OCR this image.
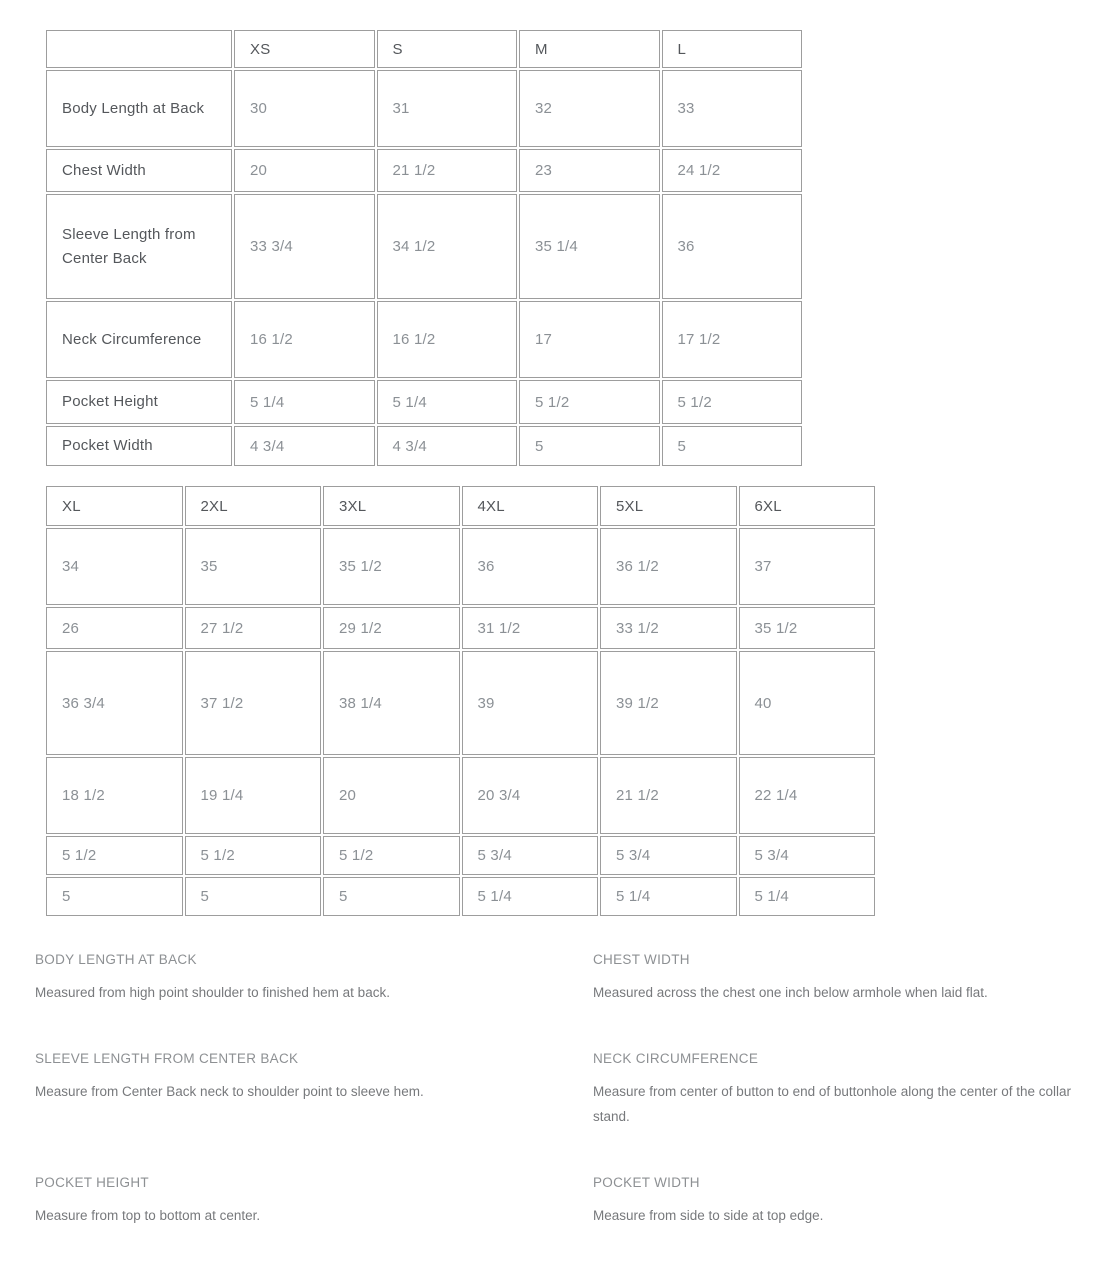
	XS	S	M	L
Body Length at Back	30	31	32	33
Chest Width	20	21 1/2	23	24 1/2
Sleeve Length from Center Back	33 3/4	34 1/2	35 1/4	36
Neck Circumference	16 1/2	16 1/2	17	17 1/2
Pocket Height	5 1/4	5 1/4	5 1/2	5 1/2
Pocket Width	4 3/4	4 3/4	5	5
XL	2XL	3XL	4XL	5XL	6XL
34	35	35 1/2	36	36 1/2	37
26	27 1/2	29 1/2	31 1/2	33 1/2	35 1/2
36 3/4	37 1/2	38 1/4	39	39 1/2	40
18 1/2	19 1/4	20	20 3/4	21 1/2	22 1/4
5 1/2	5 1/2	5 1/2	5 3/4	5 3/4	5 3/4
5	5	5	5 1/4	5 1/4	5 1/4
BODY LENGTH AT BACK
Measured from high point shoulder to finished hem at back.
CHEST WIDTH
Measured across the chest one inch below armhole when laid flat.
SLEEVE LENGTH FROM CENTER BACK
Measure from Center Back neck to shoulder point to sleeve hem.
NECK CIRCUMFERENCE
Measure from center of button to end of buttonhole along the center of the collar stand.
POCKET HEIGHT
Measure from top to bottom at center.
POCKET WIDTH
Measure from side to side at top edge.
